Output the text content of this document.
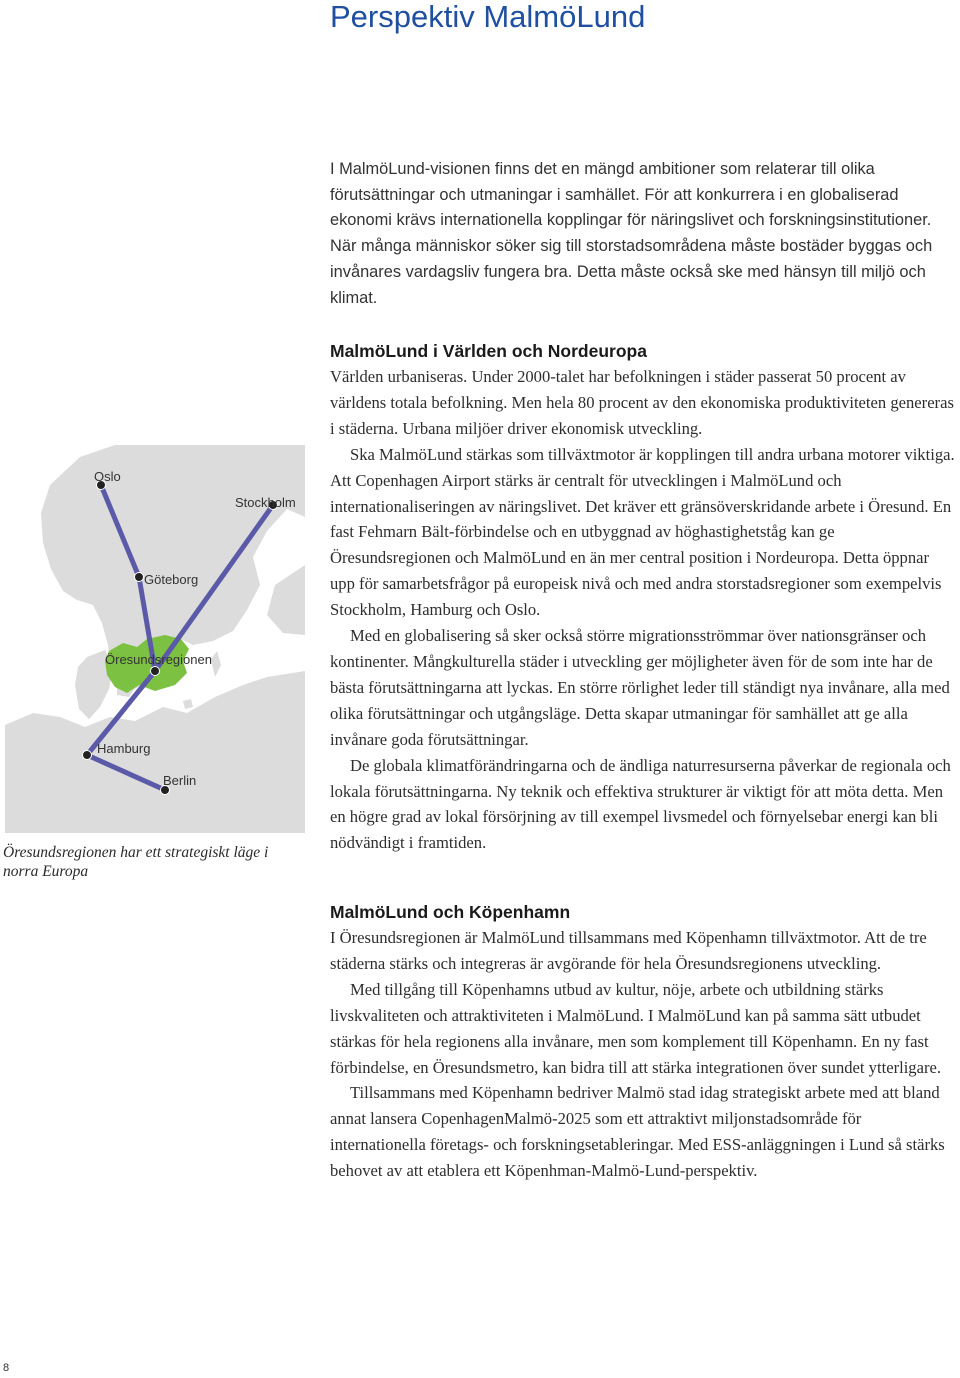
Perspektiv MalmöLund

I MalmöLund-visionen finns det en mängd ambitioner som relaterar till olika förutsättningar och utmaningar i samhället. För att konkurrera i en globaliserad ekonomi krävs internationella kopplingar för näringslivet och forskningsinstitutioner. När många människor söker sig till storstadsområdena måste bostäder byggas och invånares vardagsliv fungera bra. Detta måste också ske med hänsyn till miljö och klimat.

MalmöLund i Världen och Nordeuropa

Världen urbaniseras. Under 2000-talet har befolkningen i städer passerat 50 procent av världens totala befolkning. Men hela 80 procent av den ekonomiska produktiviteten genereras i städerna. Urbana miljöer driver ekonomisk utveckling.

Ska MalmöLund stärkas som tillväxtmotor är kopplingen till andra urbana motorer viktiga. Att Copenhagen Airport stärks är centralt för utvecklingen i MalmöLund och internationaliseringen av näringslivet. Det kräver ett gränsöverskridande arbete i Öresund. En fast Fehmarn Bält-förbindelse och en utbyggnad av höghastighetståg kan ge Öresundsregionen och MalmöLund en än mer central position i Nordeuropa. Detta öppnar upp för samarbetsfrågor på europeisk nivå och med andra storstadsregioner som exempelvis Stockholm, Hamburg och Oslo.

Med en globalisering så sker också större migrationsströmmar över nationsgränser och kontinenter. Mångkulturella städer i utveckling ger möjligheter även för de som inte har de bästa förutsättningarna att lyckas. En större rörlighet leder till ständigt nya invånare, alla med olika förutsättningar och utgångsläge. Detta skapar utmaningar för samhället att ge alla invånare goda förutsättningar.

De globala klimatförändringarna och de ändliga naturresurserna påverkar de regionala och lokala förutsättningarna. Ny teknik och effektiva strukturer är viktigt för att möta detta. Men en högre grad av lokal försörjning av till exempel livsmedel och förnyelsebar energi kan bli nödvändigt i framtiden.

MalmöLund och Köpenhamn

I Öresundsregionen är MalmöLund tillsammans med Köpenhamn tillväxtmotor. Att de tre städerna stärks och integreras är avgörande för hela Öresundsregionens utveckling.

Med tillgång till Köpenhamns utbud av kultur, nöje, arbete och utbildning stärks livskvaliteten och attraktiviteten i MalmöLund. I MalmöLund kan på samma sätt utbudet stärkas för hela regionens alla invånare, men som komplement till Köpenhamn. En ny fast förbindelse, en Öresundsmetro, kan bidra till att stärka integrationen över sundet ytterligare.

Tillsammans med Köpenhamn bedriver Malmö stad idag strategiskt arbete med att bland annat lansera CopenhagenMalmö-2025 som ett attraktivt miljonstadsområde för internationella företags- och forskningsetableringar. Med ESS-anläggningen i Lund så stärks behovet av att etablera ett Köpenhman-Malmö-Lund-perspektiv.

Oslo
Stockholm
Göteborg
Öresundsregionen
Hamburg
Berlin

Öresundsregionen har ett strategiskt läge i norra Europa

8
